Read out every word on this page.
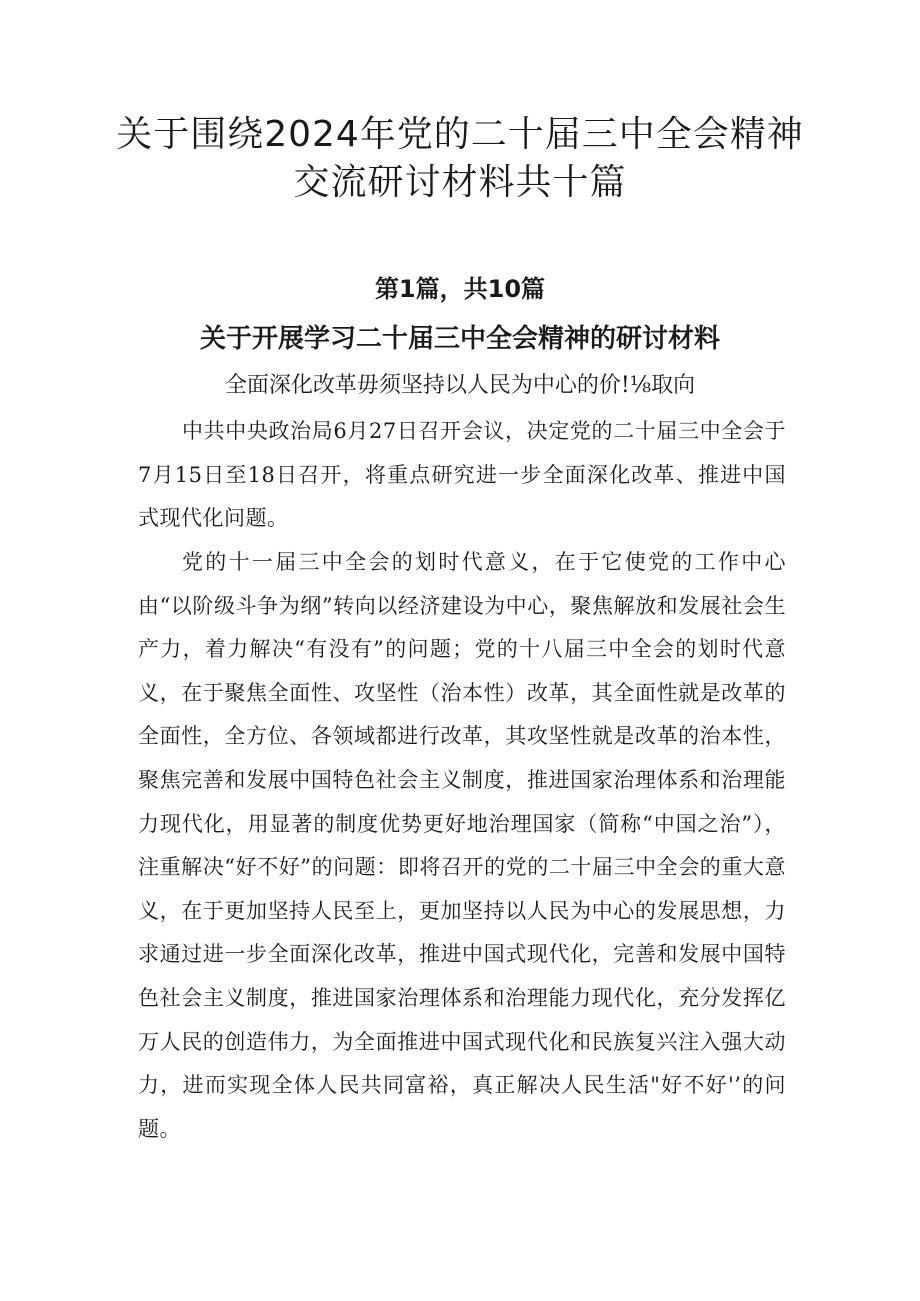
关于围绕2024年党的二十届三中全会精神
交流研讨材料共十篇
第1篇，共10篇
关于开展学习二十届三中全会精神的研讨材料
全面深化改革毋须坚持以人民为中心的价!⅛取向

中共中央政治局6月27日召开会议，决定党的二十届三中全会于7月15日至18日召开，将重点研究进一步全面深化改革、推进中国式现代化问题。

党的十一届三中全会的划时代意义，在于它使党的工作中心由“以阶级斗争为纲”转向以经济建设为中心，聚焦解放和发展社会生产力，着力解决“有没有”的问题；党的十八届三中全会的划时代意义，在于聚焦全面性、攻坚性（治本性）改革，其全面性就是改革的全面性，全方位、各领域都进行改革，其攻坚性就是改革的治本性，聚焦完善和发展中国特色社会主义制度，推进国家治理体系和治理能力现代化，用显著的制度优势更好地治理国家（简称“中国之治”），注重解决“好不好”的问题：即将召开的党的二十届三中全会的重大意义，在于更加坚持人民至上，更加坚持以人民为中心的发展思想，力求通过进一步全面深化改革，推进中国式现代化，完善和发展中国特色社会主义制度，推进国家治理体系和治理能力现代化，充分发挥亿万人民的创造伟力，为全面推进中国式现代化和民族复兴注入强大动力，进而实现全体人民共同富裕，真正解决人民生活"好不好'’的问题。
